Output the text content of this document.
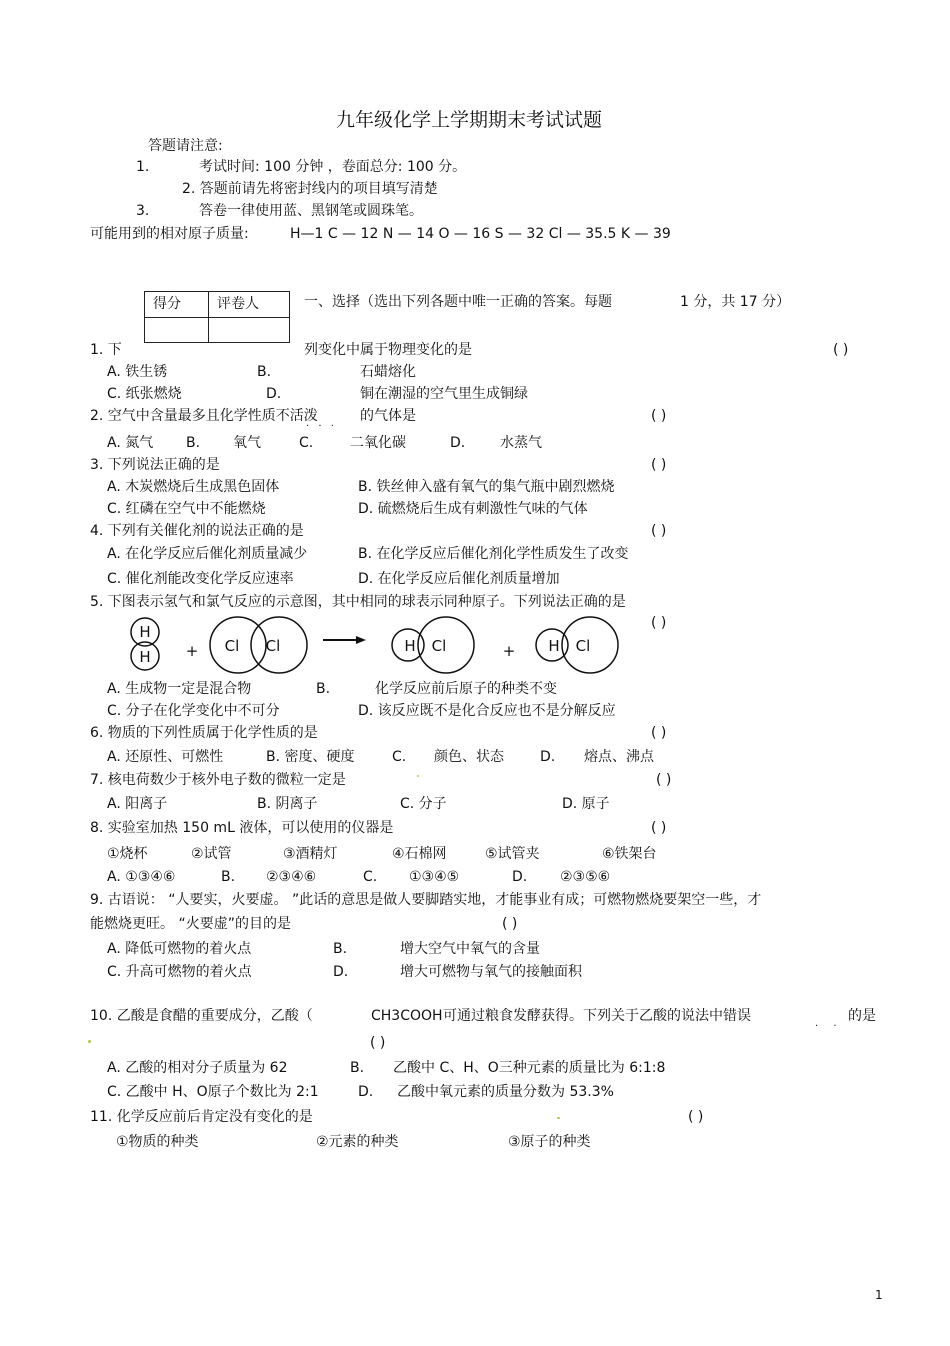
九年级化学上学期期末考试试题
答题请注意:
1.	考试时间: 100 分钟 ，卷面总分: 100 分。
2. 答题前请先将密封线内的项目填写清楚
3.	答卷一律使用蓝、黑钢笔或圆珠笔。
可能用到的相对原子质量:	H—1 C — 12 N — 14 O — 16 S — 32 Cl — 35.5 K — 39
得分	评卷人	一、选择（选出下列各题中唯一正确的答案。每题	1 分，共 17 分）
1. 下	列变化中属于物理变化的是	( )
A. 铁生锈	B.	石蜡熔化
C. 纸张燃烧	D.	铜在潮湿的空气里生成铜绿
2. 空气中含量最多且化学性质不活泼
· · ·
的气体是	( )
A. 氮气 B. 氧气	C.	二氧化碳	D. 水蒸气
3. 下列说法正确的是	( )
A. 木炭燃烧后生成黑色固体	B. 铁丝伸入盛有氧气的集气瓶中剧烈燃烧
C. 红磷在空气中不能燃烧	D. 硫燃烧后生成有刺激性气味的气体
4. 下列有关催化剂的说法正确的是	( )
A. 在化学反应后催化剂质量减少	B. 在化学反应后催化剂化学性质发生了改变
C. 催化剂能改变化学反应速率	D. 在化学反应后催化剂质量增加
5. 下图表示氢气和氯气反应的示意图，其中相同的球表示同种原子。下列说法正确的是
( )
H
H + Cl Cl	H Cl	+ H Cl
A. 生成物一定是混合物	B.	化学反应前后原子的种类不变
C. 分子在化学变化中不可分	D. 该反应既不是化合反应也不是分解反应
6. 物质的下列性质属于化学性质的是	( )
A. 还原性、可燃性	B. 密度、硬度	C. 颜色、状态	D. 熔点、沸点
7. 核电荷数少于核外电子数的微粒一定是	( )
A. 阳离子	B. 阴离子	C. 分子	D. 原子
8. 实验室加热 150 mL 液体，可以使用的仪器是	( )
①烧杯	②试管	③酒精灯	④石棉网	⑤试管夹	⑥铁架台
A. ①③④⑥	B. ②③④⑥	C. ①③④⑤	D. ②③⑤⑥
9. 古语说： “人要实，火要虚。 ”此话的意思是做人要脚踏实地，才能事业有成；可燃物燃烧要架空一些，才
能燃烧更旺。 “火要虚”的目的是	( )
A. 降低可燃物的着火点	B.	增大空气中氧气的含量
C. 升高可燃物的着火点	D.	增大可燃物与氧气的接触面积
10. 乙酸是食醋的重要成分，乙酸（	CH3COOH 可通过粮食发酵获得。下列关于乙酸的说法中错误
· ·
的是
( )
A. 乙酸的相对分子质量为 62	B. 乙酸中 C、H、O三种元素的质量比为 6:1:8
C. 乙酸中 H、O原子个数比为 2:1	D. 乙酸中氧元素的质量分数为 53.3%
11. 化学反应前后肯定没有变化的是	( )
①物质的种类	②元素的种类	③原子的种类
1
